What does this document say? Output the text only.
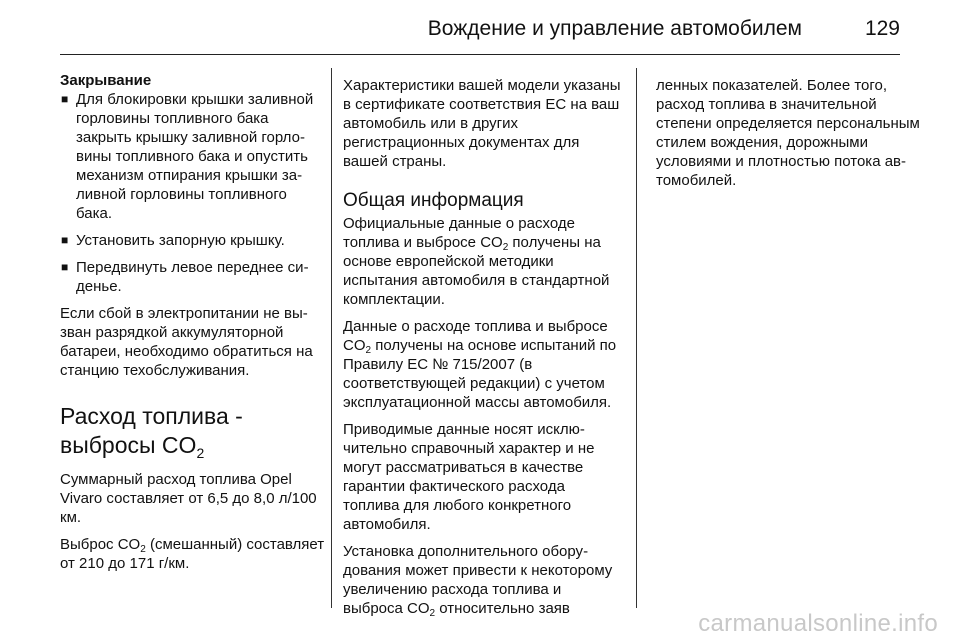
Вождение и управление автомобилем	129

Закрывание

■ Для блокировки крышки заливной горловины топливного бака закрыть крышку заливной горловины топливного бака и опустить механизм отпирания крышки заливной горловины топливного бака.
■ Установить запорную крышку.
■ Передвинуть левое переднее сиденье.

Если сбой в электропитании не вызван разрядкой аккумуляторной батареи, необходимо обратиться на станцию техобслуживания.

Расход топлива -
выбросы $CO_2$

Суммарный расход топлива Opel Vivaro составляет от 6,5 до 8,0 л/100 км.

Выброс $CO_2$ (смешанный) составляет от 210 до 171 г/км.

Характеристики вашей модели указаны в сертификате соответствия ЕС на ваш автомобиль или в других регистрационных документах для вашей страны.

Общая информация

Официальные данные о расходе топлива и выбросе $CO_2$ получены на основе европейской методики испытания автомобиля в стандартной комплектации.

Данные о расходе топлива и выбросе $CO_2$ получены на основе испытаний по Правилу ЕС № 715/2007 (в соответствующей редакции) с учетом эксплуатационной массы автомобиля.

Приводимые данные носят исключительно справочный характер и не могут рассматриваться в качестве гарантии фактического расхода топлива для любого конкретного автомобиля.

Установка дополнительного оборудования может привести к некоторому увеличению расхода топлива и выброса $CO_2$ относительно заяв

ленных показателей. Более того, расход топлива в значительной степени определяется персональным стилем вождения, дорожными условиями и плотностью потока автомобилей.

carmanualsonline.info
